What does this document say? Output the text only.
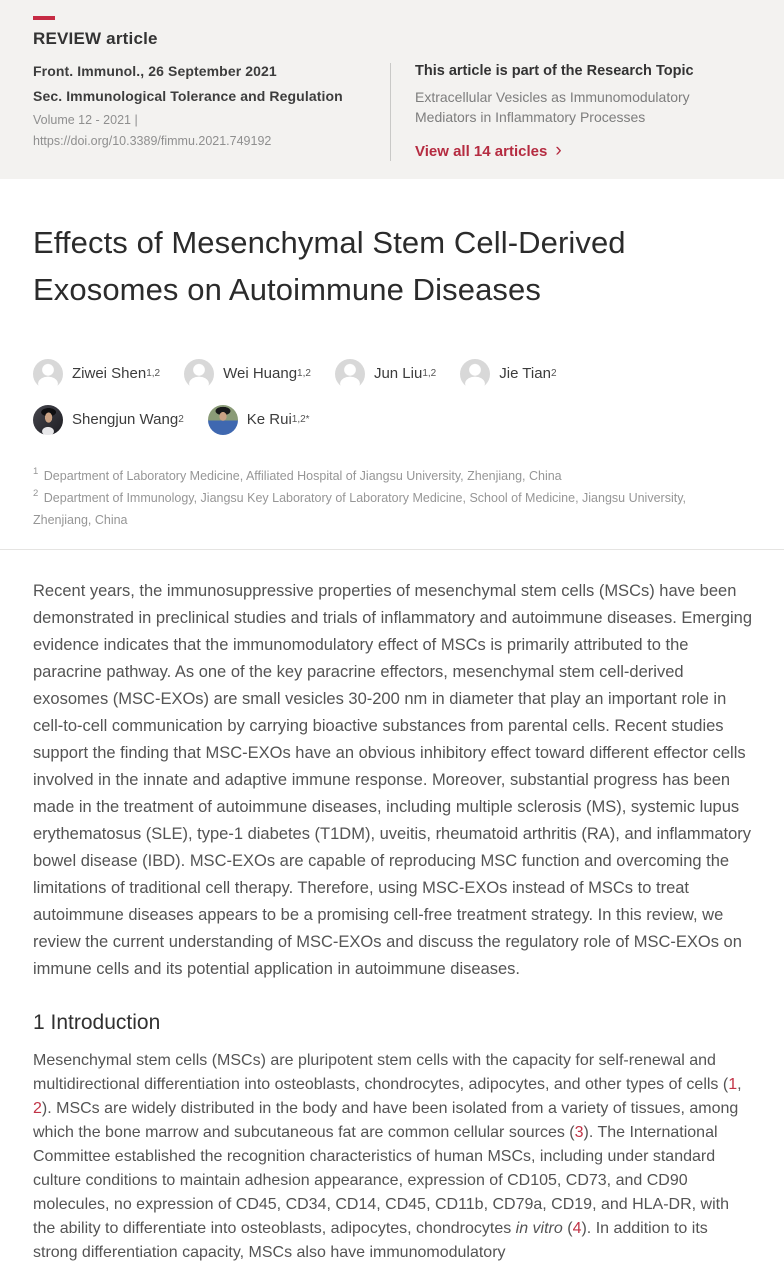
REVIEW article
Front. Immunol., 26 September 2021
Sec. Immunological Tolerance and Regulation
Volume 12 - 2021 |
https://doi.org/10.3389/fimmu.2021.749192
This article is part of the Research Topic
Extracellular Vesicles as Immunomodulatory Mediators in Inflammatory Processes
View all 14 articles ›
Effects of Mesenchymal Stem Cell-Derived Exosomes on Autoimmune Diseases
Ziwei Shen 1,2	Wei Huang 1,2	Jun Liu 1,2	Jie Tian 2
Shengjun Wang 2	Ke Rui 1,2*
$^1$ Department of Laboratory Medicine, Affiliated Hospital of Jiangsu University, Zhenjiang, China
$^2$ Department of Immunology, Jiangsu Key Laboratory of Laboratory Medicine, School of Medicine, Jiangsu University, Zhenjiang, China

Recent years, the immunosuppressive properties of mesenchymal stem cells (MSCs) have been demonstrated in preclinical studies and trials of inflammatory and autoimmune diseases. Emerging evidence indicates that the immunomodulatory effect of MSCs is primarily attributed to the paracrine pathway. As one of the key paracrine effectors, mesenchymal stem cell-derived exosomes (MSC-EXOs) are small vesicles 30-200 nm in diameter that play an important role in cell-to-cell communication by carrying bioactive substances from parental cells. Recent studies support the finding that MSC-EXOs have an obvious inhibitory effect toward different effector cells involved in the innate and adaptive immune response. Moreover, substantial progress has been made in the treatment of autoimmune diseases, including multiple sclerosis (MS), systemic lupus erythematosus (SLE), type-1 diabetes (T1DM), uveitis, rheumatoid arthritis (RA), and inflammatory bowel disease (IBD). MSC-EXOs are capable of reproducing MSC function and overcoming the limitations of traditional cell therapy. Therefore, using MSC-EXOs instead of MSCs to treat autoimmune diseases appears to be a promising cell-free treatment strategy. In this review, we review the current understanding of MSC-EXOs and discuss the regulatory role of MSC-EXOs on immune cells and its potential application in autoimmune diseases.

1 Introduction

Mesenchymal stem cells (MSCs) are pluripotent stem cells with the capacity for self-renewal and multidirectional differentiation into osteoblasts, chondrocytes, adipocytes, and other types of cells (1, 2). MSCs are widely distributed in the body and have been isolated from a variety of tissues, among which the bone marrow and subcutaneous fat are common cellular sources (3). The International Committee established the recognition characteristics of human MSCs, including under standard culture conditions to maintain adhesion appearance, expression of CD105, CD73, and CD90 molecules, no expression of CD45, CD34, CD14, CD45, CD11b, CD79a, CD19, and HLA-DR, with the ability to differentiate into osteoblasts, adipocytes, chondrocytes in vitro (4). In addition to its strong differentiation capacity, MSCs also have immunomodulatory
